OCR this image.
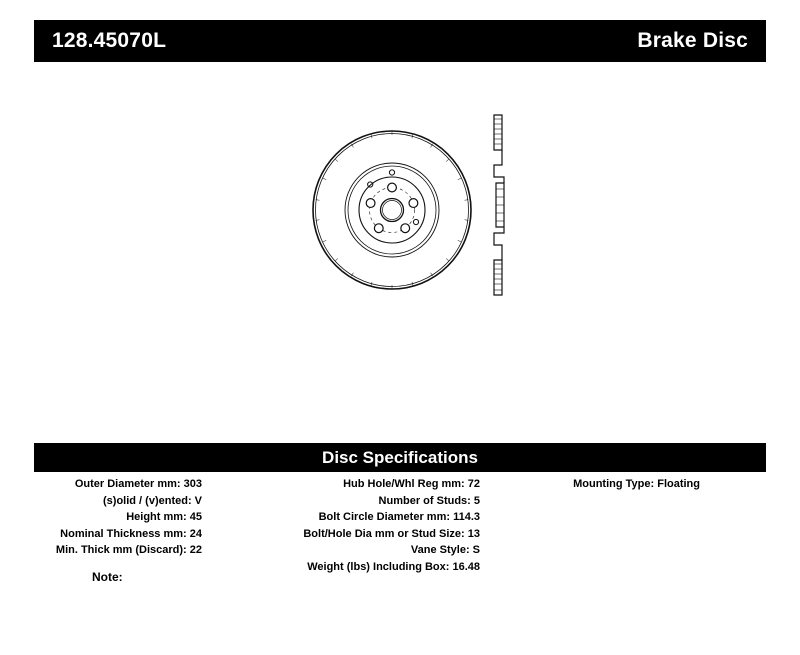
128.45070L	Brake Disc
Disc Specifications
Outer Diameter mm: 303
(s)olid / (v)ented: V
Height mm: 45
Nominal Thickness mm: 24
Min. Thick mm (Discard): 22
Hub Hole/Whl Reg mm: 72
Number of Studs: 5
Bolt Circle Diameter mm: 114.3
Bolt/Hole Dia mm or Stud Size: 13
Vane Style: S
Weight (lbs) Including Box: 16.48
Mounting Type: Floating
Note:
